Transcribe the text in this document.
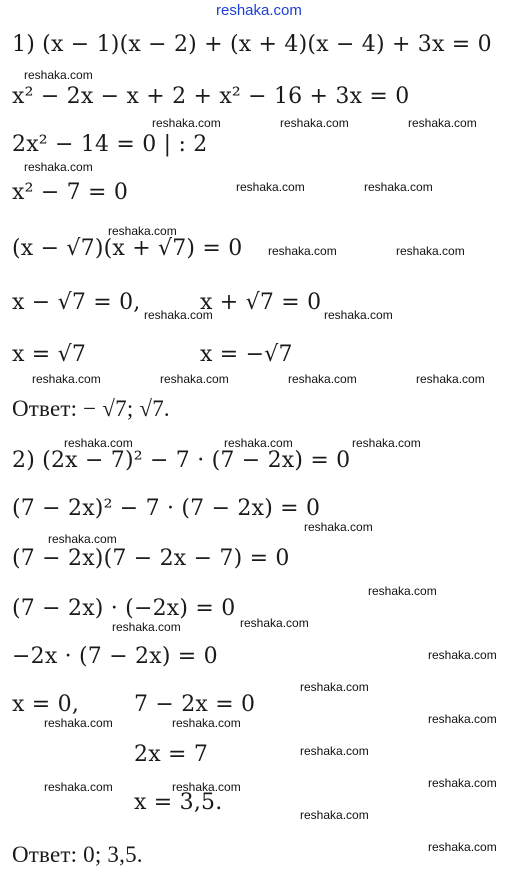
reshaka.com
1) (x − 1)(x − 2) + (x + 4)(x − 4) + 3x = 0
x² − 2x − x + 2 + x² − 16 + 3x = 0
2x² − 14 = 0 | : 2
x² − 7 = 0
(x − √7)(x + √7) = 0
x − √7 = 0,	x + √7 = 0
x = √7	x = −√7
Ответ: − √7; √7.
2) (2x − 7)² − 7 · (7 − 2x) = 0
(7 − 2x)² − 7 · (7 − 2x) = 0
(7 − 2x)(7 − 2x − 7) = 0
(7 − 2x) · (−2x) = 0
−2x · (7 − 2x) = 0
x = 0, 7 − 2x = 0
2x = 7
x = 3,5.
Ответ: 0; 3,5.
reshaka.com
reshaka.com	reshaka.com	reshaka.com
reshaka.com
reshaka.com	reshaka.com
reshaka.com
reshaka.com	reshaka.com
reshaka.com	reshaka.com
reshaka.com	reshaka.com	reshaka.com	reshaka.com
reshaka.com	reshaka.com	reshaka.com
reshaka.com
reshaka.com
reshaka.com
reshaka.com
reshaka.com
reshaka.com
reshaka.com
reshaka.com	reshaka.com	reshaka.com
reshaka.com
reshaka.com	reshaka.com	reshaka.com
reshaka.com
reshaka.com
